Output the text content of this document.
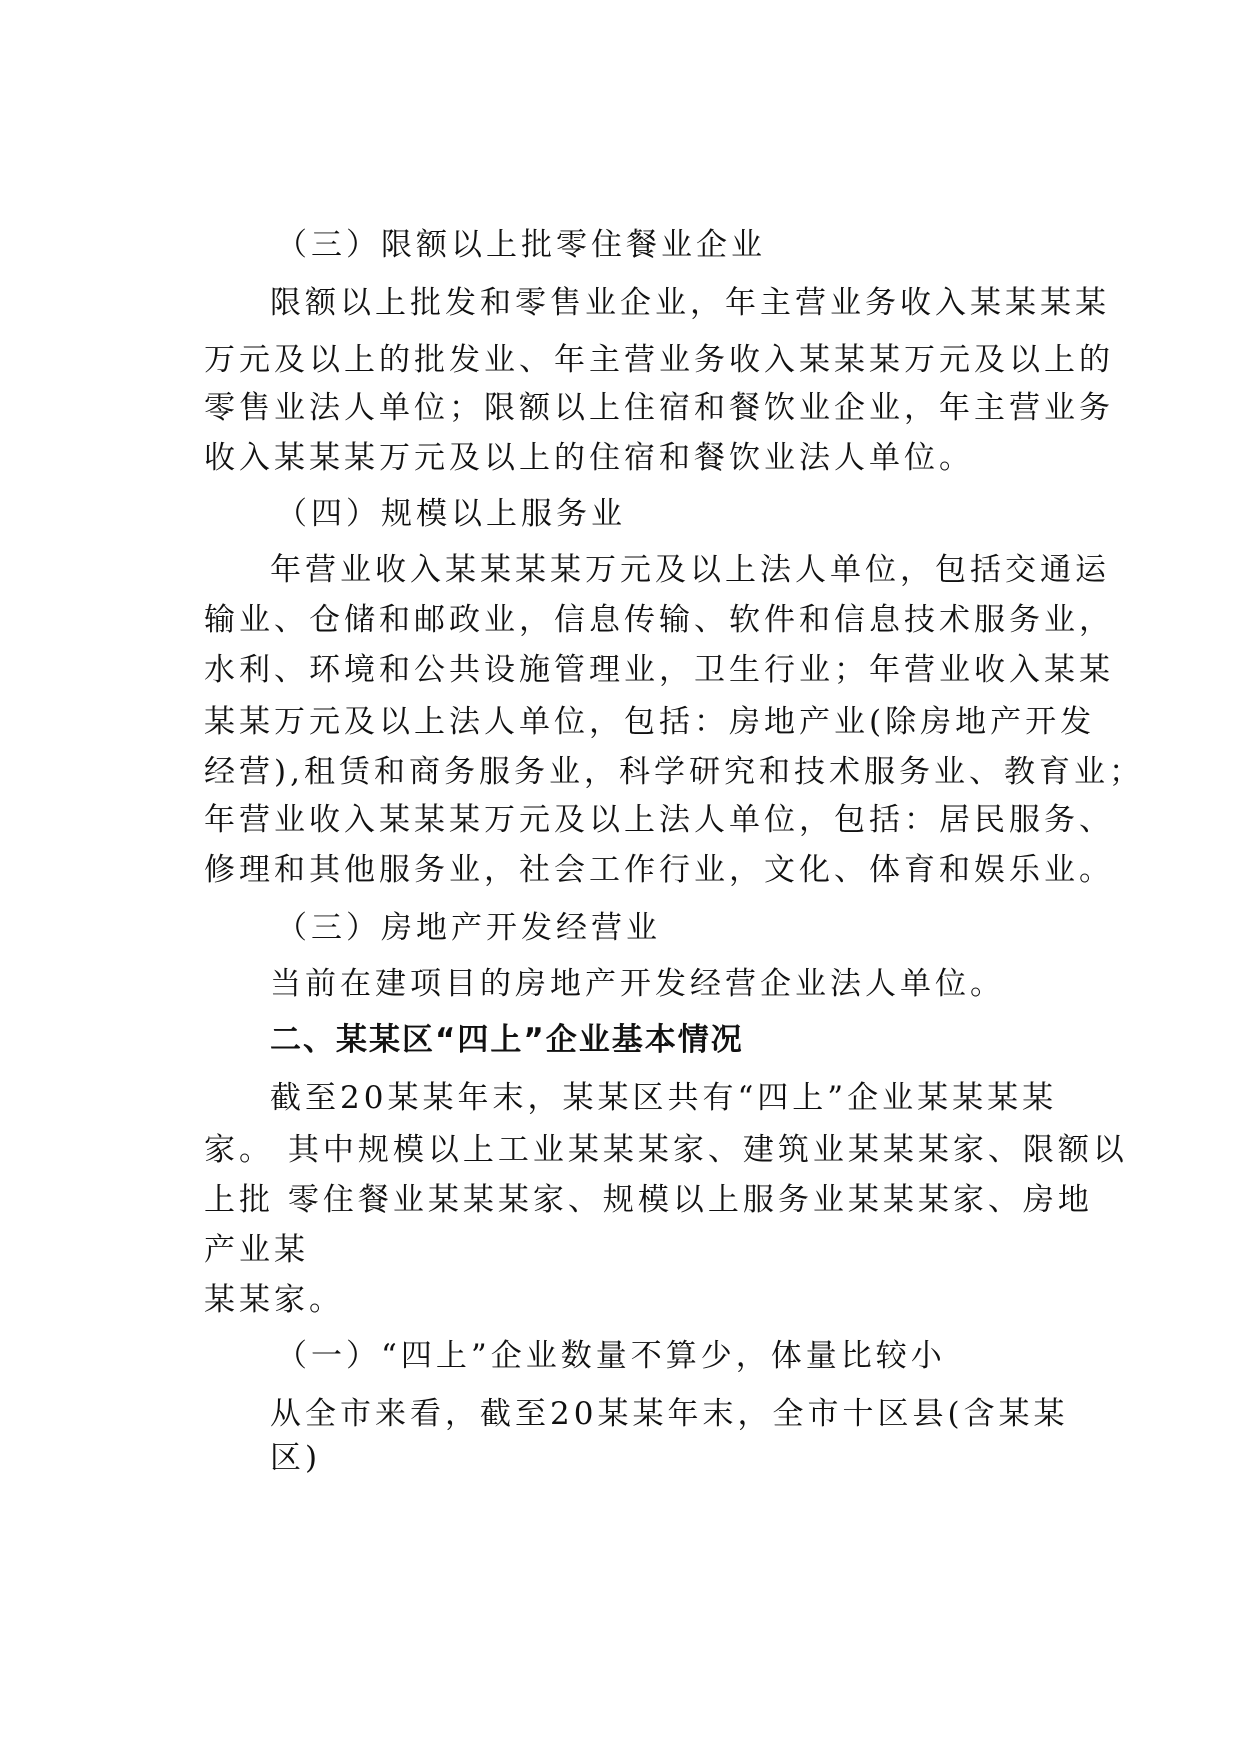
（三）限额以上批零住餐业企业
限额以上批发和零售业企业，年主营业务收入某某某某
万元及以上的批发业、年主营业务收入某某某万元及以上的
零售业法人单位；限额以上住宿和餐饮业企业，年主营业务
收入某某某万元及以上的住宿和餐饮业法人单位。
（四）规模以上服务业
年营业收入某某某某万元及以上法人单位，包括交通运
输业、仓储和邮政业，信息传输、软件和信息技术服务业，
水利、环境和公共设施管理业，卫生行业；年营业收入某某
某某万元及以上法人单位，包括：房地产业(除房地产开发
经营),租赁和商务服务业，科学研究和技术服务业、教育业；
年营业收入某某某万元及以上法人单位，包括：居民服务、
修理和其他服务业，社会工作行业，文化、体育和娱乐业。
（三）房地产开发经营业
当前在建项目的房地产开发经营企业法人单位。
二、某某区“四上”企业基本情况
截至20某某年末，某某区共有“四上”企业某某某某
家。 其中规模以上工业某某某家、建筑业某某某家、限额以
上批 零住餐业某某某家、规模以上服务业某某某家、房地
产业某
某某家。
（一）“四上”企业数量不算少，体量比较小
从全市来看，截至20某某年末，全市十区县(含某某
区)
